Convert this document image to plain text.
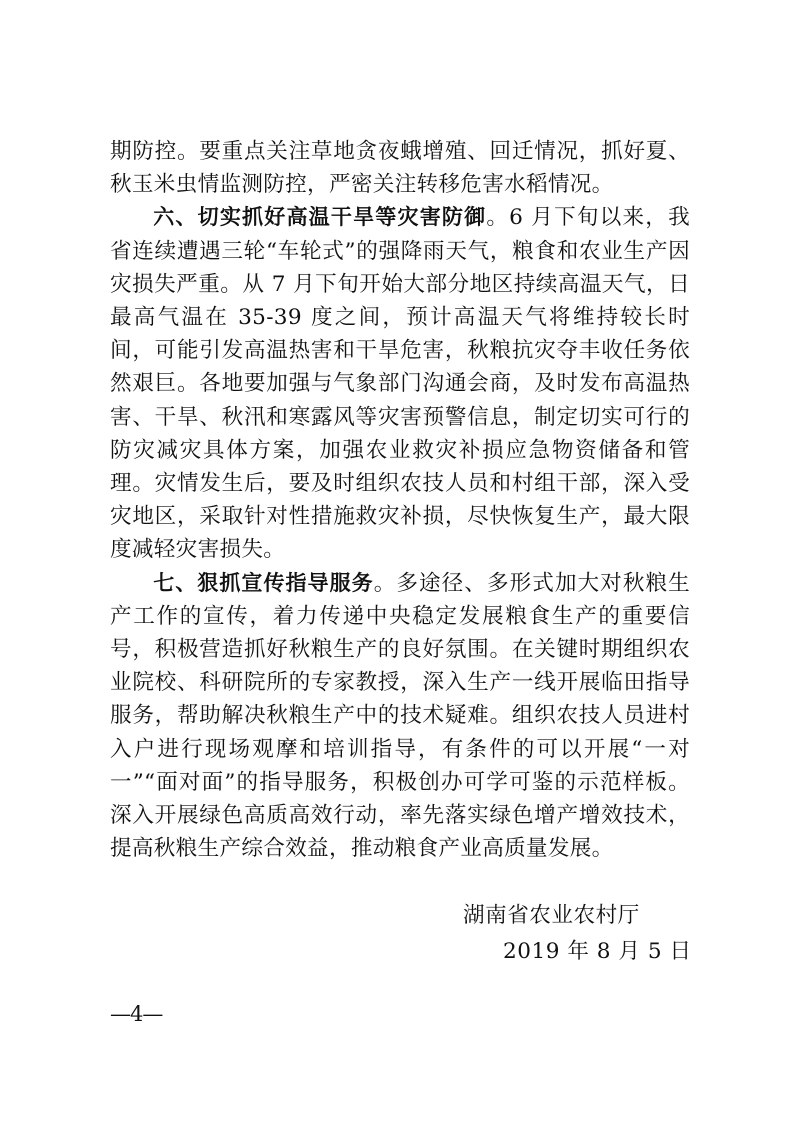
期防控。要重点关注草地贪夜蛾增殖、回迁情况，抓好夏、秋玉米虫情监测防控，严密关注转移危害水稻情况。

六、切实抓好高温干旱等灾害防御。6 月下旬以来，我省连续遭遇三轮“车轮式”的强降雨天气，粮食和农业生产因灾损失严重。从 7 月下旬开始大部分地区持续高温天气，日最高气温在 35-39 度之间，预计高温天气将维持较长时间，可能引发高温热害和干旱危害，秋粮抗灾夺丰收任务依然艰巨。各地要加强与气象部门沟通会商，及时发布高温热害、干旱、秋汛和寒露风等灾害预警信息，制定切实可行的防灾减灾具体方案，加强农业救灾补损应急物资储备和管理。灾情发生后，要及时组织农技人员和村组干部，深入受灾地区，采取针对性措施救灾补损，尽快恢复生产，最大限度减轻灾害损失。

七、狠抓宣传指导服务。多途径、多形式加大对秋粮生产工作的宣传，着力传递中央稳定发展粮食生产的重要信号，积极营造抓好秋粮生产的良好氛围。在关键时期组织农业院校、科研院所的专家教授，深入生产一线开展临田指导服务，帮助解决秋粮生产中的技术疑难。组织农技人员进村入户进行现场观摩和培训指导，有条件的可以开展“一对一”“面对面”的指导服务，积极创办可学可鉴的示范样板。深入开展绿色高质高效行动，率先落实绿色增产增效技术，提高秋粮生产综合效益，推动粮食产业高质量发展。

湖南省农业农村厅
2019 年 8 月 5 日
—4—
